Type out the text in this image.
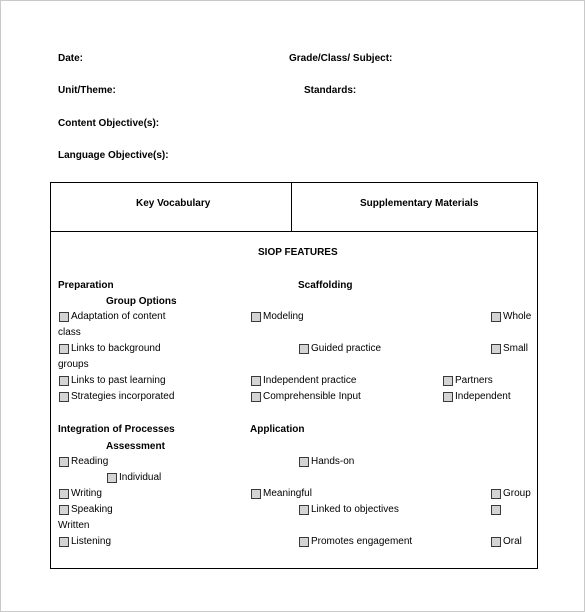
Date:	Grade/Class/ Subject:
Unit/Theme:	Standards:
Content Objective(s):
Language Objective(s):
Key Vocabulary	Supplementary Materials
SIOP FEATURES
Preparation	Scaffolding
Group Options
Adaptation of content	Modeling	Whole
class
Links to background	Guided practice	Small
groups
Links to past learning	Independent practice	Partners
Strategies incorporated	Comprehensible Input	Independent
Integration of Processes	Application
Assessment
Reading	Hands-on
Individual
Writing	Meaningful	Group
Speaking	Linked to objectives
Written
Listening	Promotes engagement	Oral
